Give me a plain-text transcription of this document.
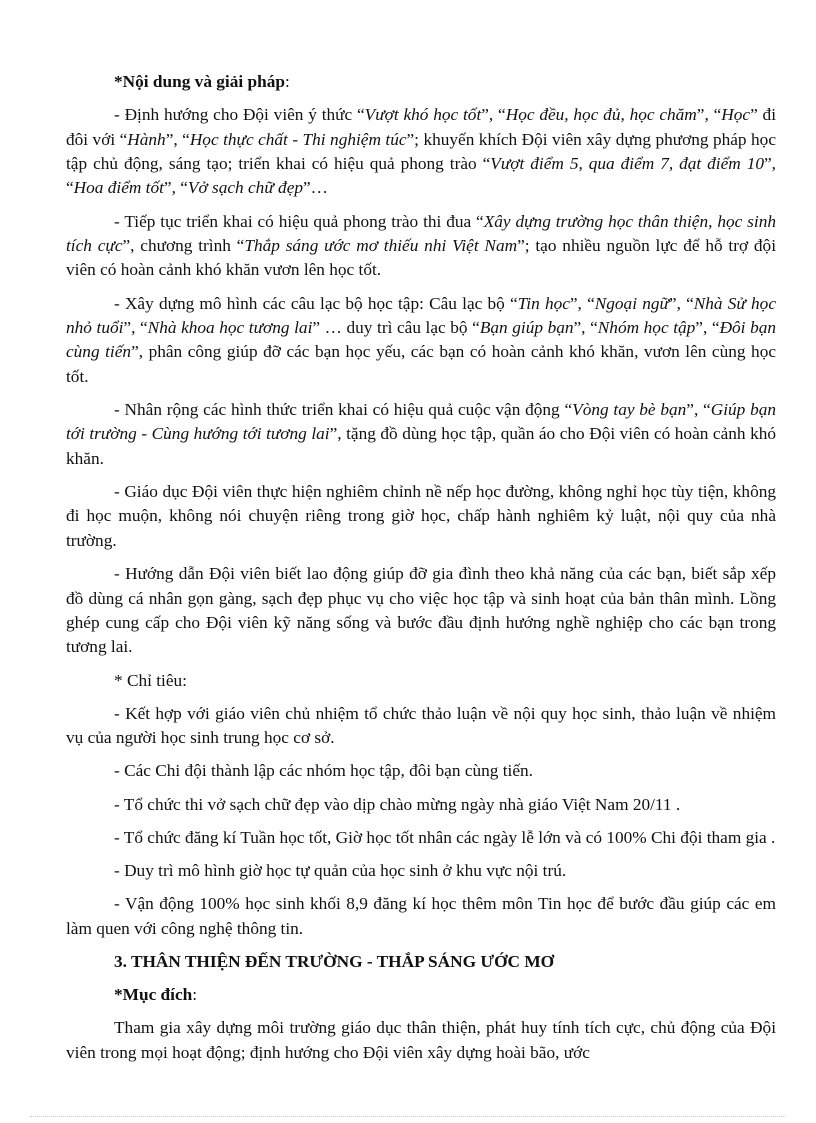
*Nội dung và giải pháp:

- Định hướng cho Đội viên ý thức “Vượt khó học tốt”, “Học đều, học đủ, học chăm”, “Học” đi đôi với “Hành”, “Học thực chất - Thi nghiệm túc”; khuyến khích Đội viên xây dựng phương pháp học tập chủ động, sáng tạo; triển khai có hiệu quả phong trào “Vượt điểm 5, qua điểm 7, đạt điểm 10”, “Hoa điểm tốt”, “Vở sạch chữ đẹp”…

- Tiếp tục triển khai có hiệu quả phong trào thi đua “Xây dựng trường học thân thiện, học sinh tích cực”, chương trình “Thắp sáng ước mơ thiếu nhi Việt Nam”; tạo nhiều nguồn lực để hỗ trợ đội viên có hoàn cảnh khó khăn vươn lên học tốt.

- Xây dựng mô hình các câu lạc bộ học tập: Câu lạc bộ “Tin học”, “Ngoại ngữ”, “Nhà Sử học nhỏ tuổi”, “Nhà khoa học tương lai” … duy trì câu lạc bộ “Bạn giúp bạn”, “Nhóm học tập”, “Đôi bạn cùng tiến”, phân công giúp đỡ các bạn học yếu, các bạn có hoàn cảnh khó khăn, vươn lên cùng học tốt.

- Nhân rộng các hình thức triển khai có hiệu quả cuộc vận động “Vòng tay bè bạn”, “Giúp bạn tới trường - Cùng hướng tới tương lai”, tặng đồ dùng học tập, quần áo cho Đội viên có hoàn cảnh khó khăn.

- Giáo dục Đội viên thực hiện nghiêm chỉnh nề nếp học đường, không nghỉ học tùy tiện, không đi học muộn, không nói chuyện riêng trong giờ học, chấp hành nghiêm kỷ luật, nội quy của nhà trường.

- Hướng dẫn Đội viên biết lao động giúp đỡ gia đình theo khả năng của các bạn, biết sắp xếp đồ dùng cá nhân gọn gàng, sạch đẹp phục vụ cho việc học tập và sinh hoạt của bản thân mình. Lồng ghép cung cấp cho Đội viên kỹ năng sống và bước đầu định hướng nghề nghiệp cho các bạn trong tương lai.

* Chỉ tiêu:

- Kết hợp với giáo viên chủ nhiệm tổ chức thảo luận về nội quy học sinh, thảo luận về nhiệm vụ của người học sinh trung học cơ sở.

- Các Chi đội thành lập các nhóm học tập, đôi bạn cùng tiến.

- Tổ chức thi vở sạch chữ đẹp vào dịp chào mừng ngày nhà giáo Việt Nam 20/11 .

- Tổ chức đăng kí Tuần học tốt, Giờ học tốt nhân các ngày lễ lớn và có 100% Chi đội tham gia .

- Duy trì mô hình giờ học tự quản của học sinh ở khu vực nội trú.

- Vận động 100% học sinh khối 8,9 đăng kí học thêm môn Tin học để bước đầu giúp các em làm quen với công nghệ thông tin.

3. THÂN THIỆN ĐẾN TRƯỜNG - THẮP SÁNG ƯỚC MƠ

*Mục đích:

Tham gia xây dựng môi trường giáo dục thân thiện, phát huy tính tích cực, chủ động của Đội viên trong mọi hoạt động; định hướng cho Đội viên xây dựng hoài bão, ước
